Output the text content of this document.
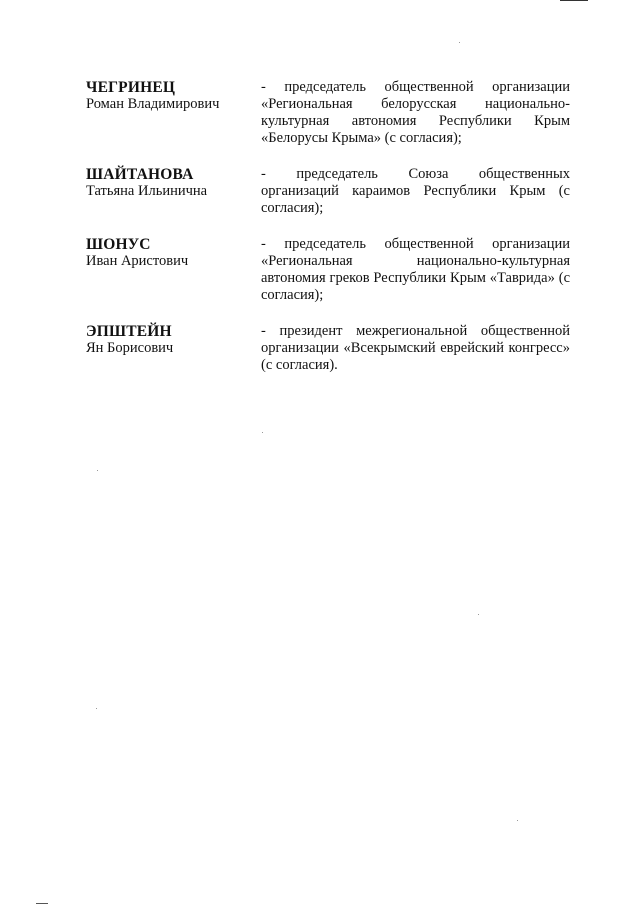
ЧЕГРИНЕЦ
Роман Владимирович
- председатель общественной организации «Региональная белорусская национально-культурная автономия Республики Крым «Белорусы Крыма» (с согласия);
ШАЙТАНОВА
Татьяна Ильинична
- председатель Союза общественных организаций караимов Республики Крым (с согласия);
ШОНУС
Иван Аристович
- председатель общественной организации «Региональная национально-культурная автономия греков Республики Крым «Таврида» (с согласия);
ЭПШТЕЙН
Ян Борисович
- президент межрегиональной общественной организации «Всекрымский еврейский конгресс» (с согласия).
